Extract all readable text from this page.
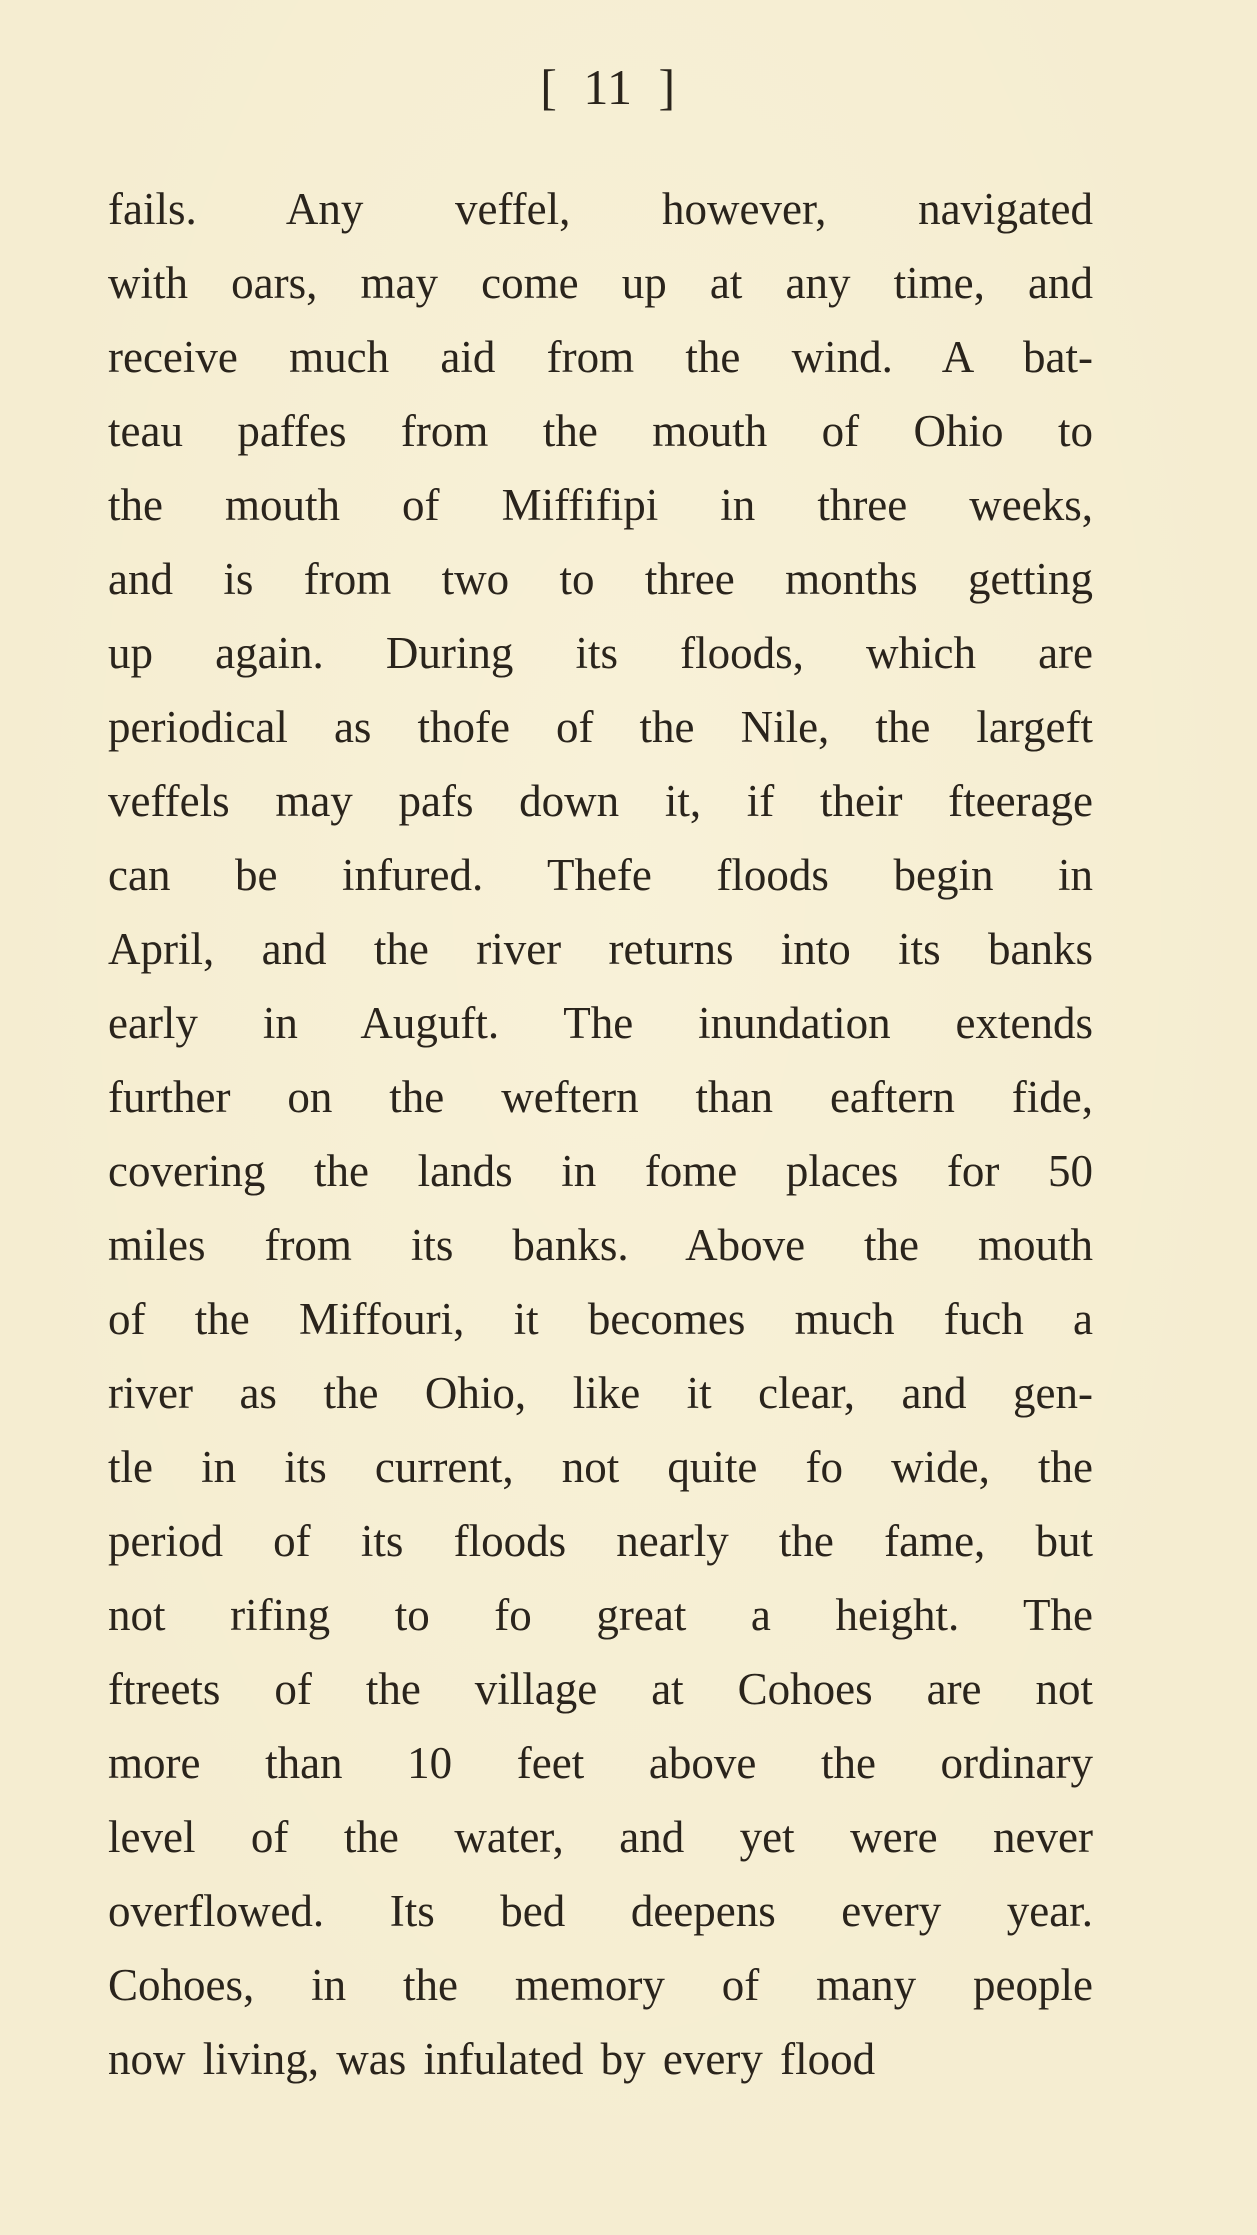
[  11  ]
fails. Any veffel, however, navigated
with oars, may come up at any time, and
receive much aid from the wind. A bat-
teau paffes from the mouth of Ohio to
the mouth of Miffifipi in three weeks,
and is from two to three months getting
up again. During its floods, which are
periodical as thofe of the Nile, the largeft
veffels may pafs down it, if their fteerage
can be infured. Thefe floods begin in
April, and the river returns into its banks
early in Auguft. The inundation extends
further on the weftern than eaftern fide,
covering the lands in fome places for 50
miles from its banks. Above the mouth
of the Miffouri, it becomes much fuch a
river as the Ohio, like it clear, and gen-
tle in its current, not quite fo wide, the
period of its floods nearly the fame, but
not rifing to fo great a height. The
ftreets of the village at Cohoes are not
more than 10 feet above the ordinary
level of the water, and yet were never
overflowed. Its bed deepens every year.
Cohoes, in the memory of many people
now living, was infulated by every flood
